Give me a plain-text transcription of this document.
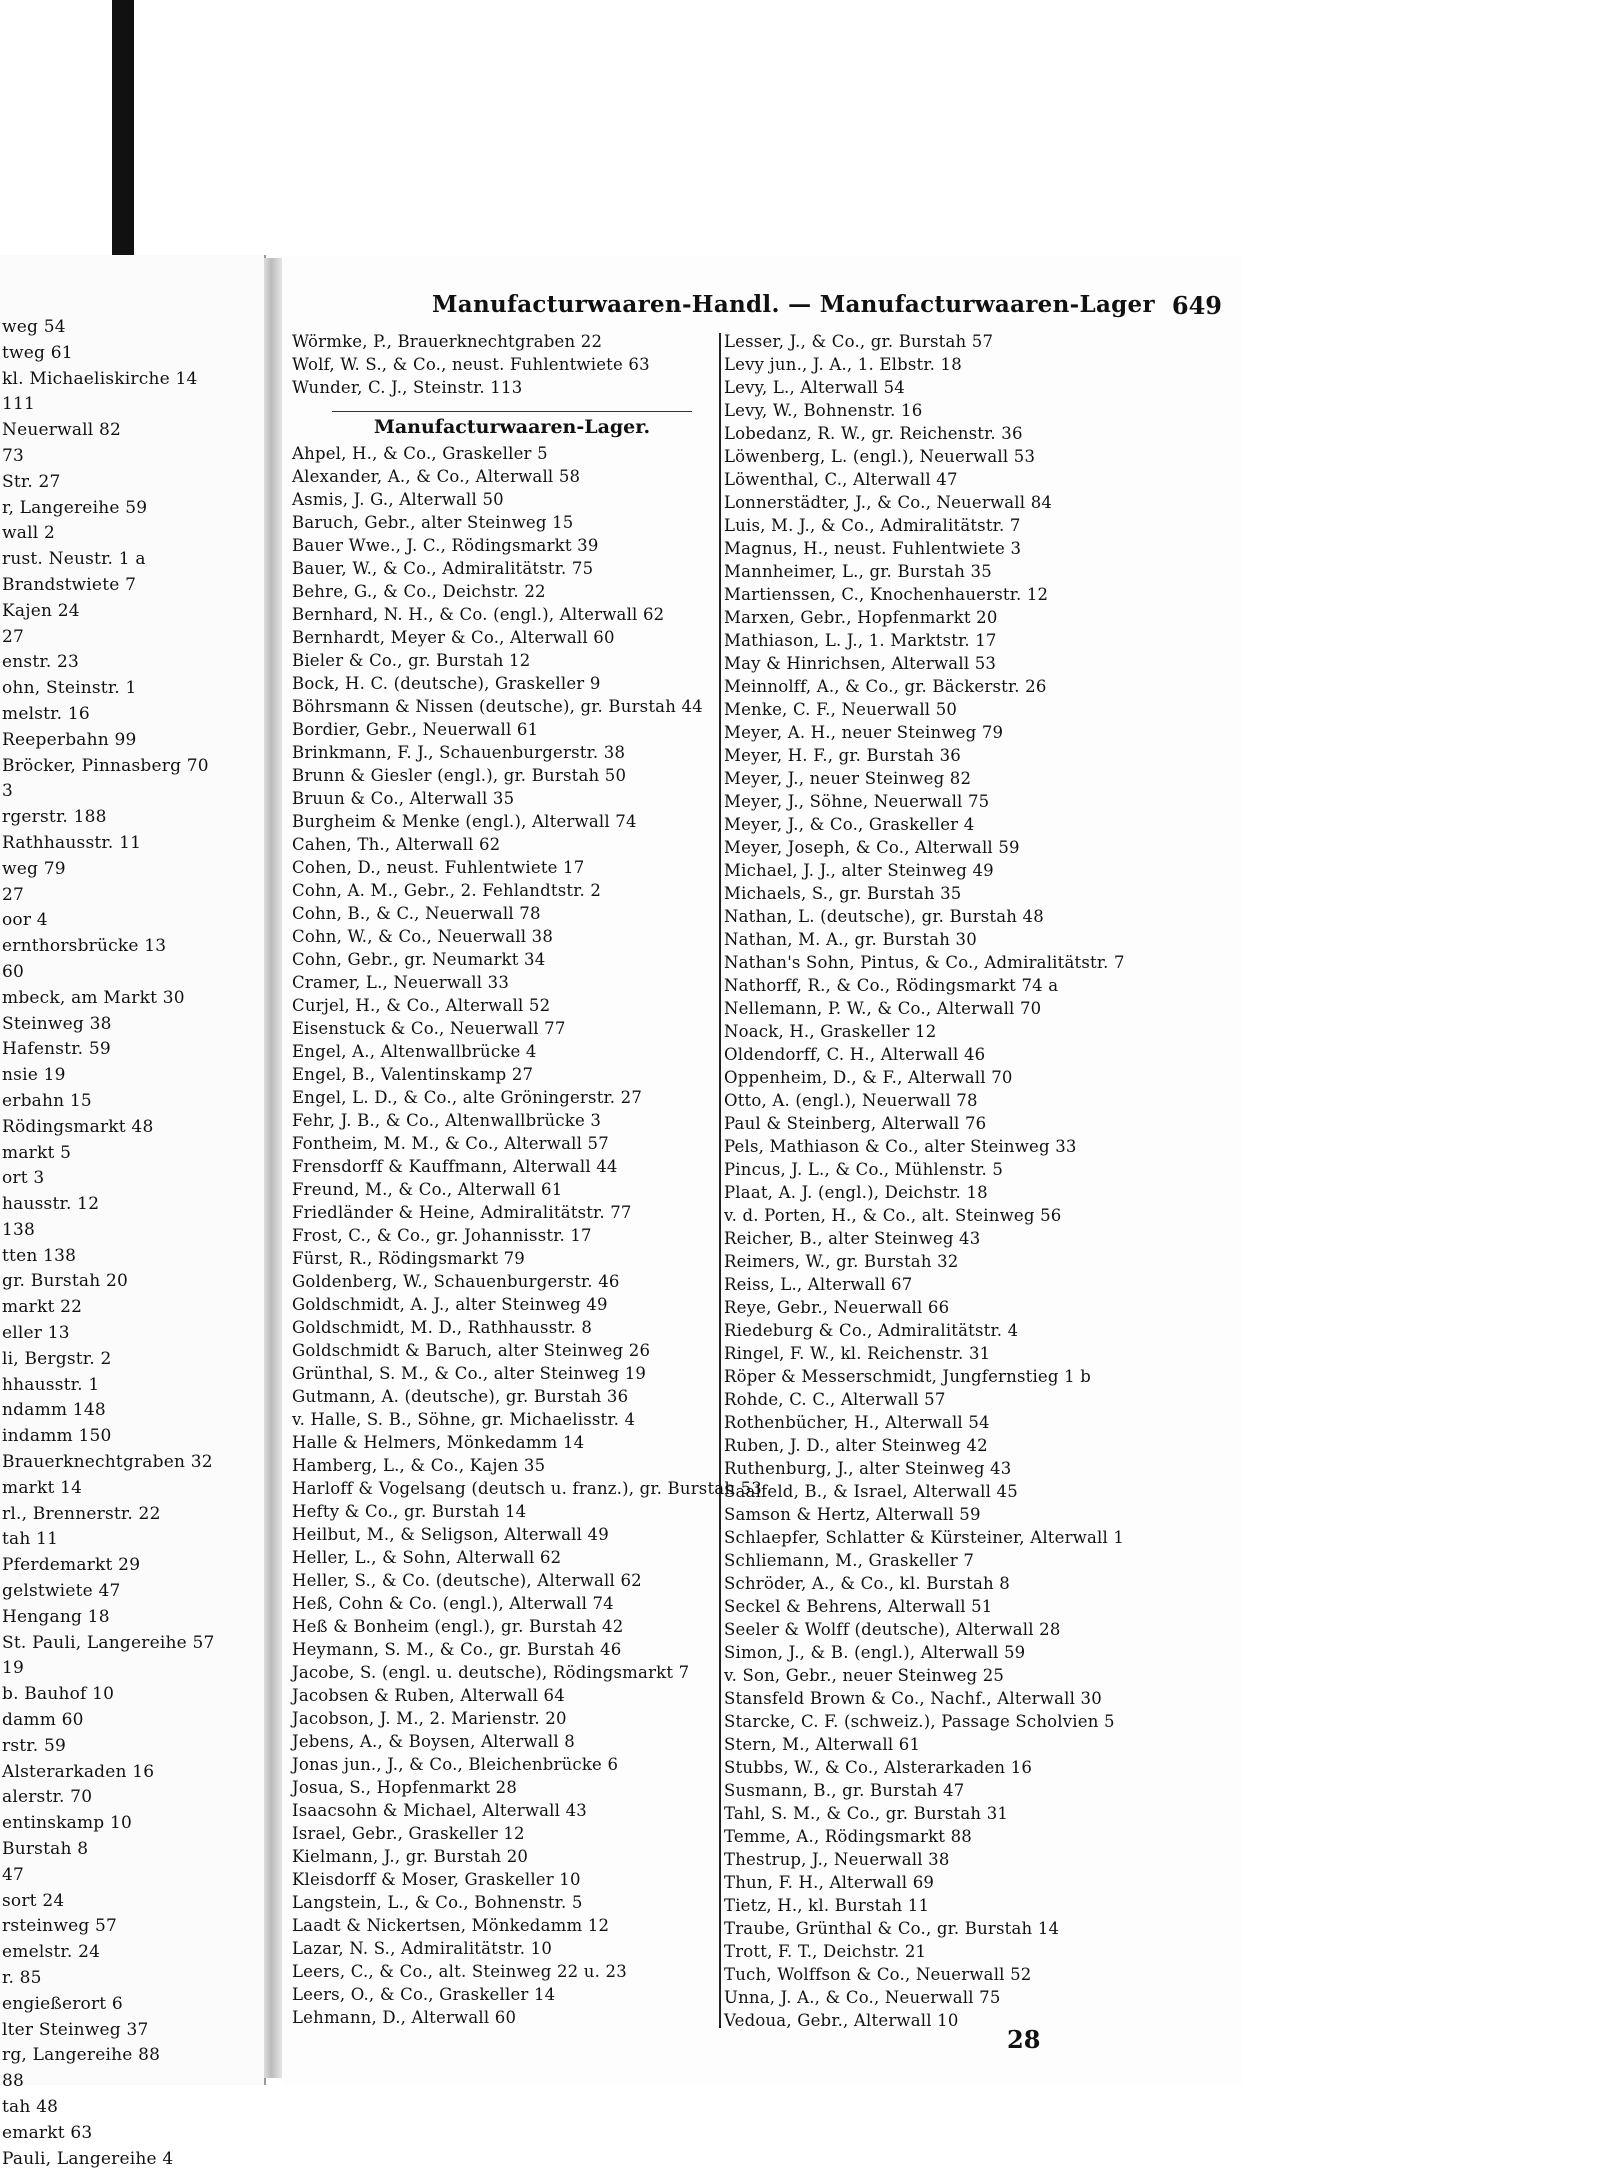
weg 54
tweg 61
kl. Michaeliskirche 14
111
Neuerwall 82
73
Str. 27
r, Langereihe 59
wall 2
rust. Neustr. 1 a
Brandstwiete 7
Kajen 24
27
enstr. 23
ohn, Steinstr. 1
melstr. 16
Reeperbahn 99
Bröcker, Pinnasberg 70
3
rgerstr. 188
Rathhausstr. 11
weg 79
27
oor 4
ernthorsbrücke 13
60
mbeck, am Markt 30
Steinweg 38
Hafenstr. 59
nsie 19
erbahn 15
Rödingsmarkt 48
markt 5
ort 3
hausstr. 12
138
tten 138
gr. Burstah 20
markt 22
eller 13
li, Bergstr. 2
hhausstr. 1
ndamm 148
indamm 150
Brauerknechtgraben 32
markt 14
rl., Brennerstr. 22
tah 11
Pferdemarkt 29
gelstwiete 47
Hengang 18
St. Pauli, Langereihe 57
19
b. Bauhof 10
damm 60
rstr. 59
Alsterarkaden 16
alerstr. 70
entinskamp 10
Burstah 8
47
sort 24
rsteinweg 57
emelstr. 24
r. 85
engießerort 6
lter Steinweg 37
rg, Langereihe 88
88
tah 48
emarkt 63
Pauli, Langereihe 4
Manufacturwaaren-Handl. — Manufacturwaaren-Lager 649
Wörmke, P., Brauerknechtgraben 22
Wolf, W. S., & Co., neust. Fuhlentwiete 63
Wunder, C. J., Steinstr. 113
Manufacturwaaren-Lager.
Ahpel, H., & Co., Graskeller 5
Alexander, A., & Co., Alterwall 58
Asmis, J. G., Alterwall 50
Baruch, Gebr., alter Steinweg 15
Bauer Wwe., J. C., Rödingsmarkt 39
Bauer, W., & Co., Admiralitätstr. 75
Behre, G., & Co., Deichstr. 22
Bernhard, N. H., & Co. (engl.), Alterwall 62
Bernhardt, Meyer & Co., Alterwall 60
Bieler & Co., gr. Burstah 12
Bock, H. C. (deutsche), Graskeller 9
Böhrsmann & Nissen (deutsche), gr. Burstah 44
Bordier, Gebr., Neuerwall 61
Brinkmann, F. J., Schauenburgerstr. 38
Brunn & Giesler (engl.), gr. Burstah 50
Bruun & Co., Alterwall 35
Burgheim & Menke (engl.), Alterwall 74
Cahen, Th., Alterwall 62
Cohen, D., neust. Fuhlentwiete 17
Cohn, A. M., Gebr., 2. Fehlandtstr. 2
Cohn, B., & C., Neuerwall 78
Cohn, W., & Co., Neuerwall 38
Cohn, Gebr., gr. Neumarkt 34
Cramer, L., Neuerwall 33
Curjel, H., & Co., Alterwall 52
Eisenstuck & Co., Neuerwall 77
Engel, A., Altenwallbrücke 4
Engel, B., Valentinskamp 27
Engel, L. D., & Co., alte Gröningerstr. 27
Fehr, J. B., & Co., Altenwallbrücke 3
Fontheim, M. M., & Co., Alterwall 57
Frensdorff & Kauffmann, Alterwall 44
Freund, M., & Co., Alterwall 61
Friedländer & Heine, Admiralitätstr. 77
Frost, C., & Co., gr. Johannisstr. 17
Fürst, R., Rödingsmarkt 79
Goldenberg, W., Schauenburgerstr. 46
Goldschmidt, A. J., alter Steinweg 49
Goldschmidt, M. D., Rathhausstr. 8
Goldschmidt & Baruch, alter Steinweg 26
Grünthal, S. M., & Co., alter Steinweg 19
Gutmann, A. (deutsche), gr. Burstah 36
v. Halle, S. B., Söhne, gr. Michaelisstr. 4
Halle & Helmers, Mönkedamm 14
Hamberg, L., & Co., Kajen 35
Harloff & Vogelsang (deutsch u. franz.), gr. Burstah 53
Hefty & Co., gr. Burstah 14
Heilbut, M., & Seligson, Alterwall 49
Heller, L., & Sohn, Alterwall 62
Heller, S., & Co. (deutsche), Alterwall 62
Heß, Cohn & Co. (engl.), Alterwall 74
Heß & Bonheim (engl.), gr. Burstah 42
Heymann, S. M., & Co., gr. Burstah 46
Jacobe, S. (engl. u. deutsche), Rödingsmarkt 7
Jacobsen & Ruben, Alterwall 64
Jacobson, J. M., 2. Marienstr. 20
Jebens, A., & Boysen, Alterwall 8
Jonas jun., J., & Co., Bleichenbrücke 6
Josua, S., Hopfenmarkt 28
Isaacsohn & Michael, Alterwall 43
Israel, Gebr., Graskeller 12
Kielmann, J., gr. Burstah 20
Kleisdorff & Moser, Graskeller 10
Langstein, L., & Co., Bohnenstr. 5
Laadt & Nickertsen, Mönkedamm 12
Lazar, N. S., Admiralitätstr. 10
Leers, C., & Co., alt. Steinweg 22 u. 23
Leers, O., & Co., Graskeller 14
Lehmann, D., Alterwall 60
Lesser, J., & Co., gr. Burstah 57
Levy jun., J. A., 1. Elbstr. 18
Levy, L., Alterwall 54
Levy, W., Bohnenstr. 16
Lobedanz, R. W., gr. Reichenstr. 36
Löwenberg, L. (engl.), Neuerwall 53
Löwenthal, C., Alterwall 47
Lonnerstädter, J., & Co., Neuerwall 84
Luis, M. J., & Co., Admiralitätstr. 7
Magnus, H., neust. Fuhlentwiete 3
Mannheimer, L., gr. Burstah 35
Martienssen, C., Knochenhauerstr. 12
Marxen, Gebr., Hopfenmarkt 20
Mathiason, L. J., 1. Marktstr. 17
May & Hinrichsen, Alterwall 53
Meinnolff, A., & Co., gr. Bäckerstr. 26
Menke, C. F., Neuerwall 50
Meyer, A. H., neuer Steinweg 79
Meyer, H. F., gr. Burstah 36
Meyer, J., neuer Steinweg 82
Meyer, J., Söhne, Neuerwall 75
Meyer, J., & Co., Graskeller 4
Meyer, Joseph, & Co., Alterwall 59
Michael, J. J., alter Steinweg 49
Michaels, S., gr. Burstah 35
Nathan, L. (deutsche), gr. Burstah 48
Nathan, M. A., gr. Burstah 30
Nathan's Sohn, Pintus, & Co., Admiralitätstr. 7
Nathorff, R., & Co., Rödingsmarkt 74 a
Nellemann, P. W., & Co., Alterwall 70
Noack, H., Graskeller 12
Oldendorff, C. H., Alterwall 46
Oppenheim, D., & F., Alterwall 70
Otto, A. (engl.), Neuerwall 78
Paul & Steinberg, Alterwall 76
Pels, Mathiason & Co., alter Steinweg 33
Pincus, J. L., & Co., Mühlenstr. 5
Plaat, A. J. (engl.), Deichstr. 18
v. d. Porten, H., & Co., alt. Steinweg 56
Reicher, B., alter Steinweg 43
Reimers, W., gr. Burstah 32
Reiss, L., Alterwall 67
Reye, Gebr., Neuerwall 66
Riedeburg & Co., Admiralitätstr. 4
Ringel, F. W., kl. Reichenstr. 31
Röper & Messerschmidt, Jungfernstieg 1 b
Rohde, C. C., Alterwall 57
Rothenbücher, H., Alterwall 54
Ruben, J. D., alter Steinweg 42
Ruthenburg, J., alter Steinweg 43
Saalfeld, B., & Israel, Alterwall 45
Samson & Hertz, Alterwall 59
Schlaepfer, Schlatter & Kürsteiner, Alterwall 1
Schliemann, M., Graskeller 7
Schröder, A., & Co., kl. Burstah 8
Seckel & Behrens, Alterwall 51
Seeler & Wolff (deutsche), Alterwall 28
Simon, J., & B. (engl.), Alterwall 59
v. Son, Gebr., neuer Steinweg 25
Stansfeld Brown & Co., Nachf., Alterwall 30
Starcke, C. F. (schweiz.), Passage Scholvien 5
Stern, M., Alterwall 61
Stubbs, W., & Co., Alsterarkaden 16
Susmann, B., gr. Burstah 47
Tahl, S. M., & Co., gr. Burstah 31
Temme, A., Rödingsmarkt 88
Thestrup, J., Neuerwall 38
Thun, F. H., Alterwall 69
Tietz, H., kl. Burstah 11
Traube, Grünthal & Co., gr. Burstah 14
Trott, F. T., Deichstr. 21
Tuch, Wolffson & Co., Neuerwall 52
Unna, J. A., & Co., Neuerwall 75
Vedoua, Gebr., Alterwall 10
28
